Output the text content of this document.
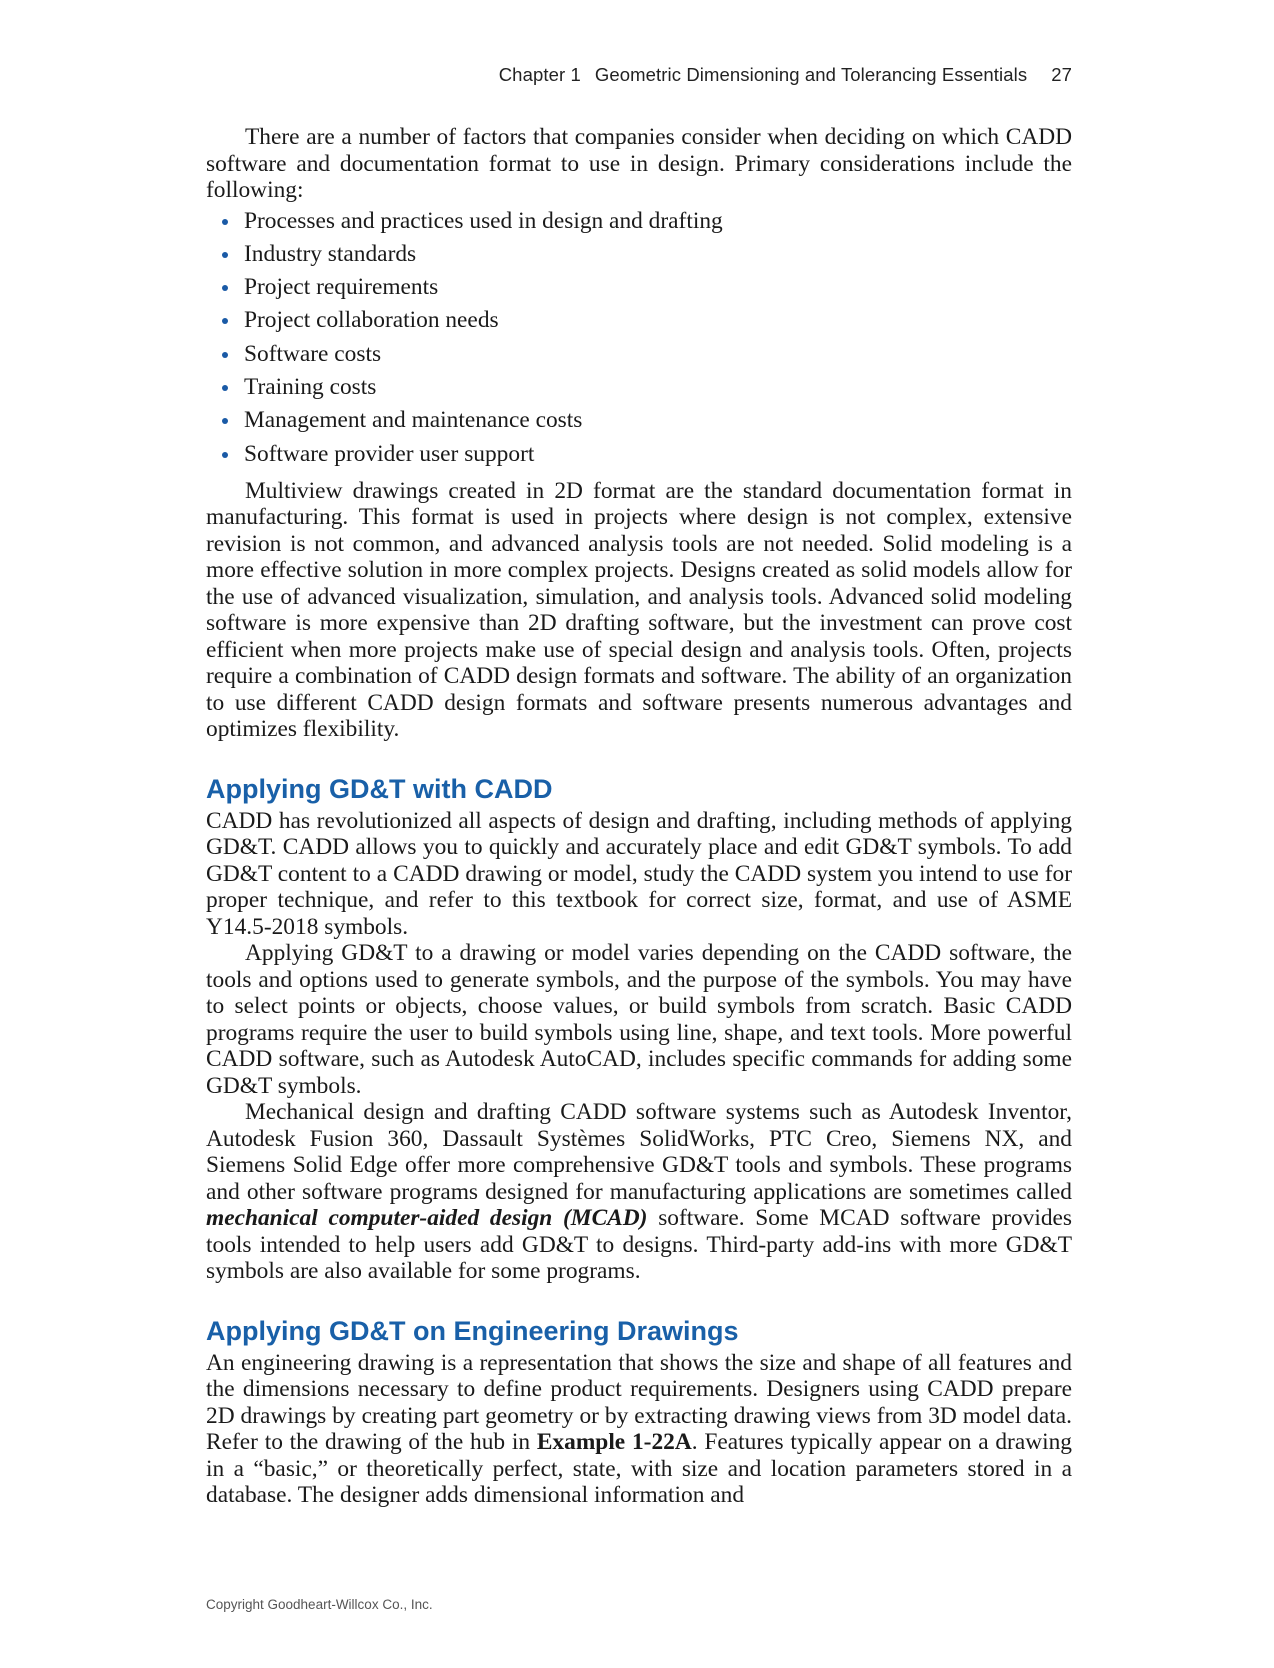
Chapter 1 Geometric Dimensioning and Tolerancing Essentials 27

There are a number of factors that companies consider when deciding on which CADD software and documentation format to use in design. Primary considerations include the following:

Processes and practices used in design and drafting
Industry standards
Project requirements
Project collaboration needs
Software costs
Training costs
Management and maintenance costs
Software provider user support

Multiview drawings created in 2D format are the standard documentation format in manufacturing. This format is used in projects where design is not complex, extensive revision is not common, and advanced analysis tools are not needed. Solid modeling is a more effective solution in more complex projects. Designs created as solid models allow for the use of advanced visualization, simulation, and analysis tools. Advanced solid modeling software is more expensive than 2D drafting software, but the investment can prove cost efficient when more projects make use of special design and analysis tools. Often, projects require a combination of CADD design formats and software. The ability of an organization to use different CADD design formats and software presents numerous advantages and optimizes flexibility.

Applying GD&T with CADD

CADD has revolutionized all aspects of design and drafting, including methods of applying GD&T. CADD allows you to quickly and accurately place and edit GD&T symbols. To add GD&T content to a CADD drawing or model, study the CADD system you intend to use for proper technique, and refer to this textbook for correct size, format, and use of ASME Y14.5-2018 symbols.

Applying GD&T to a drawing or model varies depending on the CADD software, the tools and options used to generate symbols, and the purpose of the symbols. You may have to select points or objects, choose values, or build symbols from scratch. Basic CADD programs require the user to build symbols using line, shape, and text tools. More powerful CADD software, such as Autodesk AutoCAD, includes specific commands for adding some GD&T symbols.

Mechanical design and drafting CADD software systems such as Autodesk Inventor, Autodesk Fusion 360, Dassault Systèmes SolidWorks, PTC Creo, Siemens NX, and Siemens Solid Edge offer more comprehensive GD&T tools and symbols. These programs and other software programs designed for manufacturing applications are sometimes called mechanical computer-aided design (MCAD) software. Some MCAD software provides tools intended to help users add GD&T to designs. Third-party add-ins with more GD&T symbols are also available for some programs.

Applying GD&T on Engineering Drawings

An engineering drawing is a representation that shows the size and shape of all features and the dimensions necessary to define product requirements. Designers using CADD prepare 2D drawings by creating part geometry or by extracting drawing views from 3D model data. Refer to the drawing of the hub in Example 1-22A. Features typically appear on a drawing in a “basic,” or theoretically perfect, state, with size and location parameters stored in a database. The designer adds dimensional information and

Copyright Goodheart-Willcox Co., Inc.
